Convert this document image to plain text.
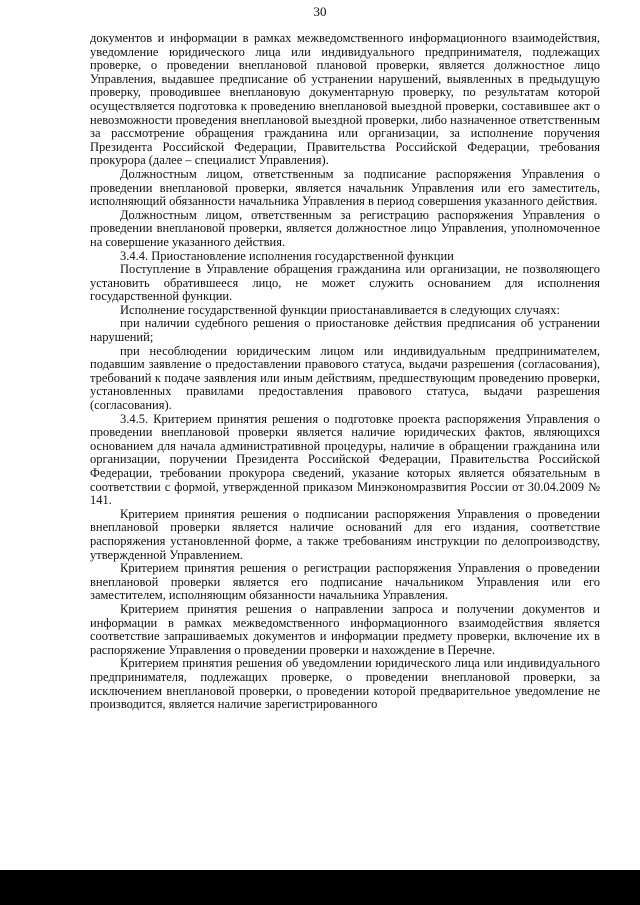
30

документов и информации в рамках межведомственного информационного взаимодействия, уведомление юридического лица или индивидуального предпринимателя, подлежащих проверке, о проведении внеплановой плановой проверки, является должностное лицо Управления, выдавшее предписание об устранении нарушений, выявленных в предыдущую проверку, проводившее внеплановую документарную проверку, по результатам которой осуществляется подготовка к проведению внеплановой выездной проверки, составившее акт о невозможности проведения внеплановой выездной проверки, либо назначенное ответственным за рассмотрение обращения гражданина или организации, за исполнение поручения Президента Российской Федерации, Правительства Российской Федерации, требования прокурора (далее – специалист Управления).

Должностным лицом, ответственным за подписание распоряжения Управления о проведении внеплановой проверки, является начальник Управления или его заместитель, исполняющий обязанности начальника Управления в период совершения указанного действия.

Должностным лицом, ответственным за регистрацию распоряжения Управления о проведении внеплановой проверки, является должностное лицо Управления, уполномоченное на совершение указанного действия.

3.4.4. Приостановление исполнения государственной функции

Поступление в Управление обращения гражданина или организации, не позволяющего установить обратившееся лицо, не может служить основанием для исполнения государственной функции.

Исполнение государственной функции приостанавливается в следующих случаях:

при наличии судебного решения о приостановке действия предписания об устранении нарушений;

при несоблюдении юридическим лицом или индивидуальным предпринимателем, подавшим заявление о предоставлении правового статуса, выдачи разрешения (согласования), требований к подаче заявления или иным действиям, предшествующим проведению проверки, установленных правилами предоставления правового статуса, выдачи разрешения (согласования).

3.4.5. Критерием принятия решения о подготовке проекта распоряжения Управления о проведении внеплановой проверки является наличие юридических фактов, являющихся основанием для начала административной процедуры, наличие в обращении гражданина или организации, поручении Президента Российской Федерации, Правительства Российской Федерации, требовании прокурора сведений, указание которых является обязательным в соответствии с формой, утвержденной приказом Минэкономразвития России от 30.04.2009 № 141.

Критерием принятия решения о подписании распоряжения Управления о проведении внеплановой проверки является наличие оснований для его издания, соответствие распоряжения установленной форме, а также требованиям инструкции по делопроизводству, утвержденной Управлением.

Критерием принятия решения о регистрации распоряжения Управления о проведении внеплановой проверки является его подписание начальником Управления или его заместителем, исполняющим обязанности начальника Управления.

Критерием принятия решения о направлении запроса и получении документов и информации в рамках межведомственного информационного взаимодействия является соответствие запрашиваемых документов и информации предмету проверки, включение их в распоряжение Управления о проведении проверки и нахождение в Перечне.

Критерием принятия решения об уведомлении юридического лица или индивидуального предпринимателя, подлежащих проверке, о проведении внеплановой проверки, за исключением внеплановой проверки, о проведении которой предварительное уведомление не производится, является наличие зарегистрированного
